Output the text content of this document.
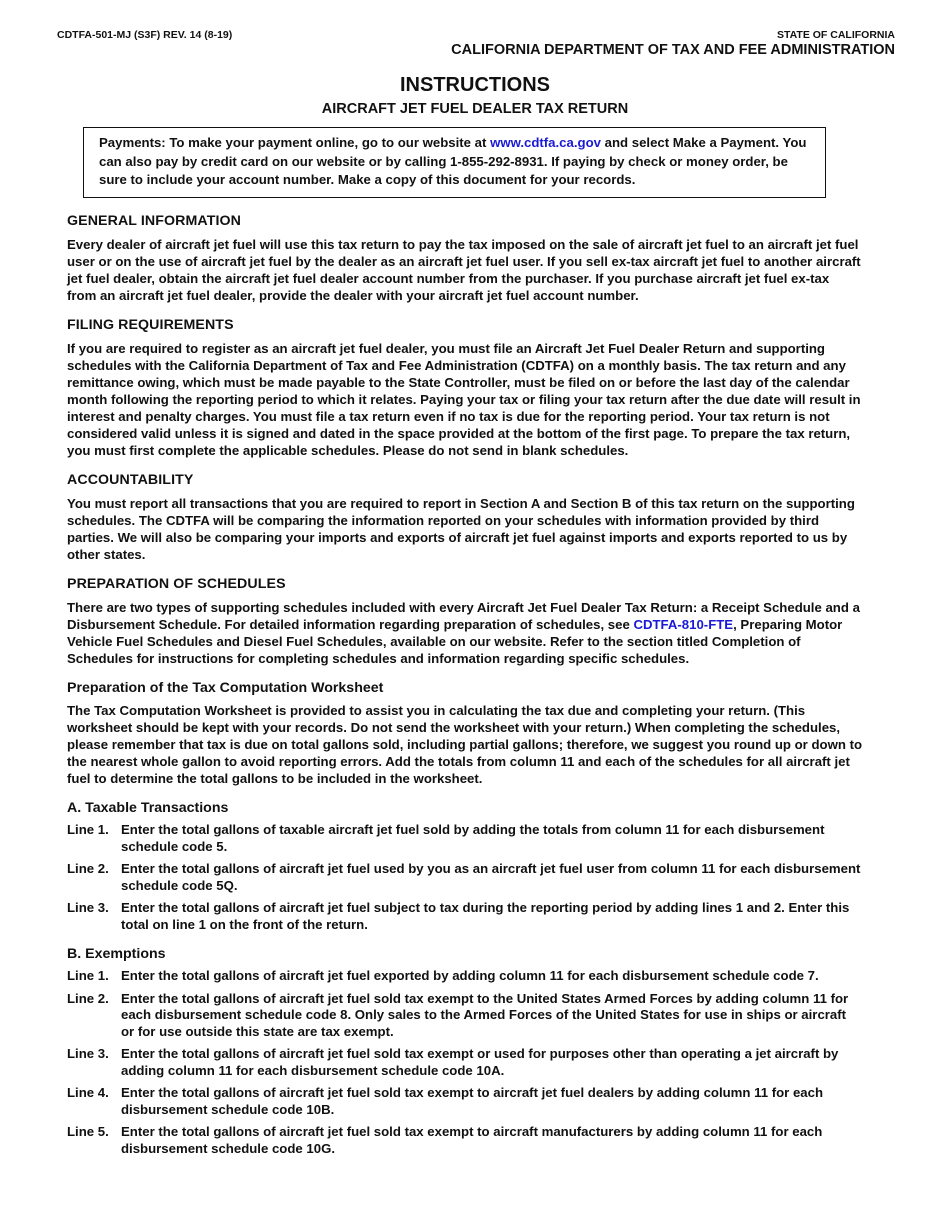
CDTFA-501-MJ (S3F) REV. 14 (8-19)	STATE OF CALIFORNIA
CALIFORNIA DEPARTMENT OF TAX AND FEE ADMINISTRATION
INSTRUCTIONS
AIRCRAFT JET FUEL DEALER TAX RETURN
Payments: To make your payment online, go to our website at www.cdtfa.ca.gov and select Make a Payment. You can also pay by credit card on our website or by calling 1-855-292-8931. If paying by check or money order, be sure to include your account number. Make a copy of this document for your records.
GENERAL INFORMATION

Every dealer of aircraft jet fuel will use this tax return to pay the tax imposed on the sale of aircraft jet fuel to an aircraft jet fuel user or on the use of aircraft jet fuel by the dealer as an aircraft jet fuel user. If you sell ex-tax aircraft jet fuel to another aircraft jet fuel dealer, obtain the aircraft jet fuel dealer account number from the purchaser. If you purchase aircraft jet fuel ex-tax from an aircraft jet fuel dealer, provide the dealer with your aircraft jet fuel account number.

FILING REQUIREMENTS

If you are required to register as an aircraft jet fuel dealer, you must file an Aircraft Jet Fuel Dealer Return and supporting schedules with the California Department of Tax and Fee Administration (CDTFA) on a monthly basis. The tax return and any remittance owing, which must be made payable to the State Controller, must be filed on or before the last day of the calendar month following the reporting period to which it relates. Paying your tax or filing your tax return after the due date will result in interest and penalty charges. You must file a tax return even if no tax is due for the reporting period. Your tax return is not considered valid unless it is signed and dated in the space provided at the bottom of the first page. To prepare the tax return, you must first complete the applicable schedules. Please do not send in blank schedules.

ACCOUNTABILITY

You must report all transactions that you are required to report in Section A and Section B of this tax return on the supporting schedules. The CDTFA will be comparing the information reported on your schedules with information provided by third parties. We will also be comparing your imports and exports of aircraft jet fuel against imports and exports reported to us by other states.

PREPARATION OF SCHEDULES

There are two types of supporting schedules included with every Aircraft Jet Fuel Dealer Tax Return: a Receipt Schedule and a Disbursement Schedule. For detailed information regarding preparation of schedules, see CDTFA-810-FTE, Preparing Motor Vehicle Fuel Schedules and Diesel Fuel Schedules, available on our website. Refer to the section titled Completion of Schedules for instructions for completing schedules and information regarding specific schedules.

Preparation of the Tax Computation Worksheet

The Tax Computation Worksheet is provided to assist you in calculating the tax due and completing your return. (This worksheet should be kept with your records. Do not send the worksheet with your return.) When completing the schedules, please remember that tax is due on total gallons sold, including partial gallons; therefore, we suggest you round up or down to the nearest whole gallon to avoid reporting errors. Add the totals from column 11 and each of the schedules for all aircraft jet fuel to determine the total gallons to be included in the worksheet.

A. Taxable Transactions
Line 1. Enter the total gallons of taxable aircraft jet fuel sold by adding the totals from column 11 for each disbursement schedule code 5.
Line 2. Enter the total gallons of aircraft jet fuel used by you as an aircraft jet fuel user from column 11 for each disbursement schedule code 5Q.
Line 3. Enter the total gallons of aircraft jet fuel subject to tax during the reporting period by adding lines 1 and 2. Enter this total on line 1 on the front of the return.
B. Exemptions
Line 1. Enter the total gallons of aircraft jet fuel exported by adding column 11 for each disbursement schedule code 7.
Line 2. Enter the total gallons of aircraft jet fuel sold tax exempt to the United States Armed Forces by adding column 11 for each disbursement schedule code 8. Only sales to the Armed Forces of the United States for use in ships or aircraft or for use outside this state are tax exempt.
Line 3. Enter the total gallons of aircraft jet fuel sold tax exempt or used for purposes other than operating a jet aircraft by adding column 11 for each disbursement schedule code 10A.
Line 4. Enter the total gallons of aircraft jet fuel sold tax exempt to aircraft jet fuel dealers by adding column 11 for each disbursement schedule code 10B.
Line 5. Enter the total gallons of aircraft jet fuel sold tax exempt to aircraft manufacturers by adding column 11 for each disbursement schedule code 10G.
